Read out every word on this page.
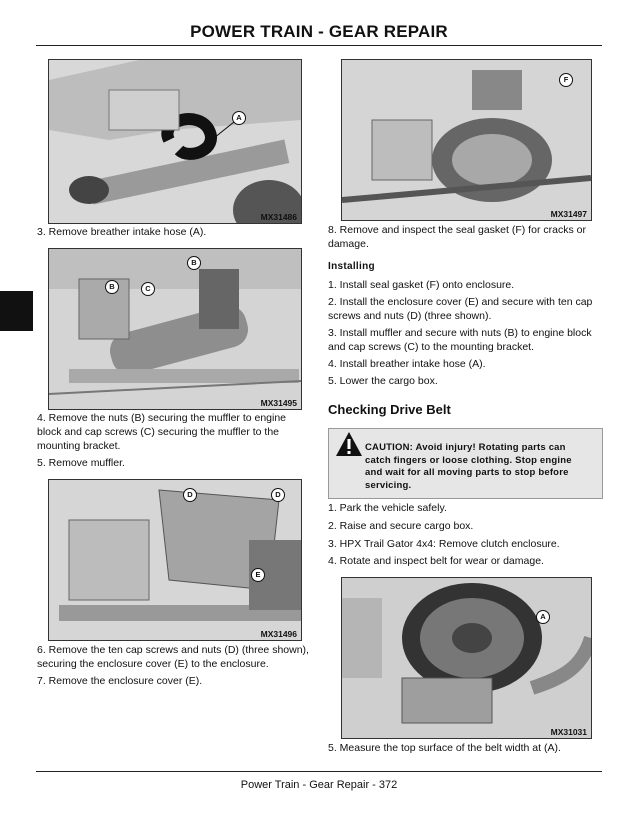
POWER TRAIN - GEAR REPAIR
A
MX31486
3. Remove breather intake hose (A).
B
B	C
MX31495
4. Remove the nuts (B) securing the muffler to engine
block and cap screws (C) securing the muffler to the
mounting bracket.
5. Remove muffler.
D	D
E
MX31496
6. Remove the ten cap screws and nuts (D) (three shown),
securing the enclosure cover (E) to the enclosure.
7. Remove the enclosure cover (E).
F
MX31497
8. Remove and inspect the seal gasket (F) for cracks or
damage.
Installing
1. Install seal gasket (F) onto enclosure.
2. Install the enclosure cover (E) and secure with ten cap
screws and nuts (D) (three shown).
3. Install muffler and secure with nuts (B) to engine block
and cap screws (C) to the mounting bracket.
4. Install breather intake hose (A).
5. Lower the cargo box.
Checking Drive Belt
CAUTION: Avoid injury! Rotating parts can
catch fingers or loose clothing. Stop engine
and wait for all moving parts to stop before
servicing.
1. Park the vehicle safely.
2. Raise and secure cargo box.
3. HPX Trail Gator 4x4: Remove clutch enclosure.
4. Rotate and inspect belt for wear or damage.
A
MX31031
5. Measure the top surface of the belt width at (A).
Power Train - Gear Repair - 372
